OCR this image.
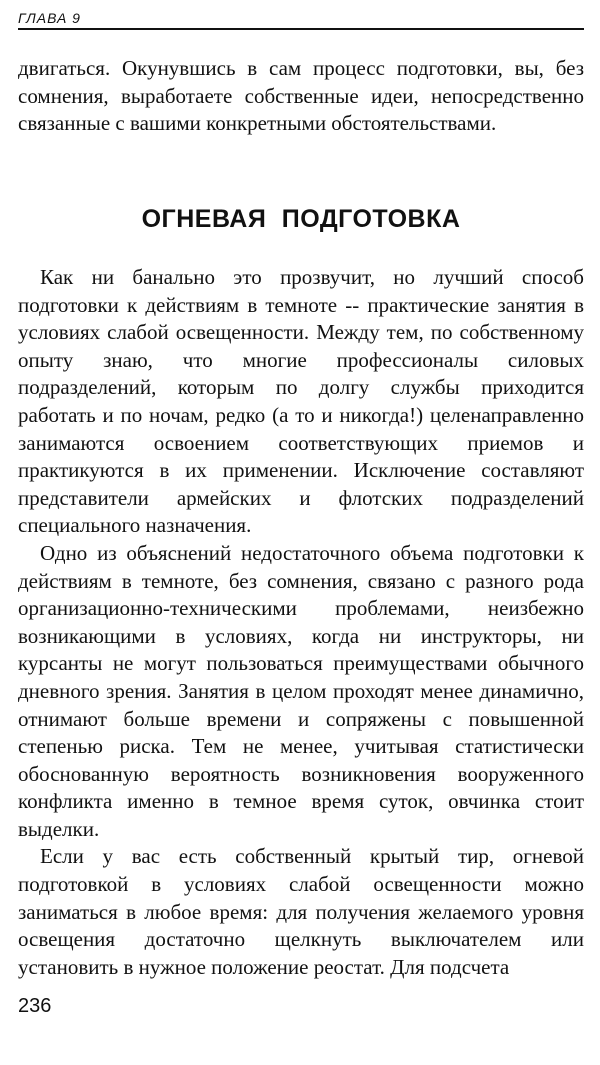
ГЛАВА 9

двигаться. Окунувшись в сам процесс подготовки, вы, без сомнения, выработаете собственные идеи, непосредственно связанные с вашими конкретными обстоятельствами.

ОГНЕВАЯ ПОДГОТОВКА

Как ни банально это прозвучит, но лучший способ подготовки к действиям в темноте -- практические занятия в условиях слабой освещенности. Между тем, по собственному опыту знаю, что многие профессионалы силовых подразделений, которым по долгу службы приходится работать и по ночам, редко (а то и никогда!) целенаправленно занимаются освоением соответствующих приемов и практикуются в их применении. Исключение составляют представители армейских и флотских подразделений специального назначения.

Одно из объяснений недостаточного объема подготовки к действиям в темноте, без сомнения, связано с разного рода организационно-техническими проблемами, неизбежно возникающими в условиях, когда ни инструкторы, ни курсанты не могут пользоваться преимуществами обычного дневного зрения. Занятия в целом проходят менее динамично, отнимают больше времени и сопряжены с повышенной степенью риска. Тем не менее, учитывая статистически обоснованную вероятность возникновения вооруженного конфликта именно в темное время суток, овчинка стоит выделки.

Если у вас есть собственный крытый тир, огневой подготовкой в условиях слабой освещенности можно заниматься в любое время: для получения желаемого уровня освещения достаточно щелкнуть выключателем или установить в нужное положение реостат. Для подсчета

236
